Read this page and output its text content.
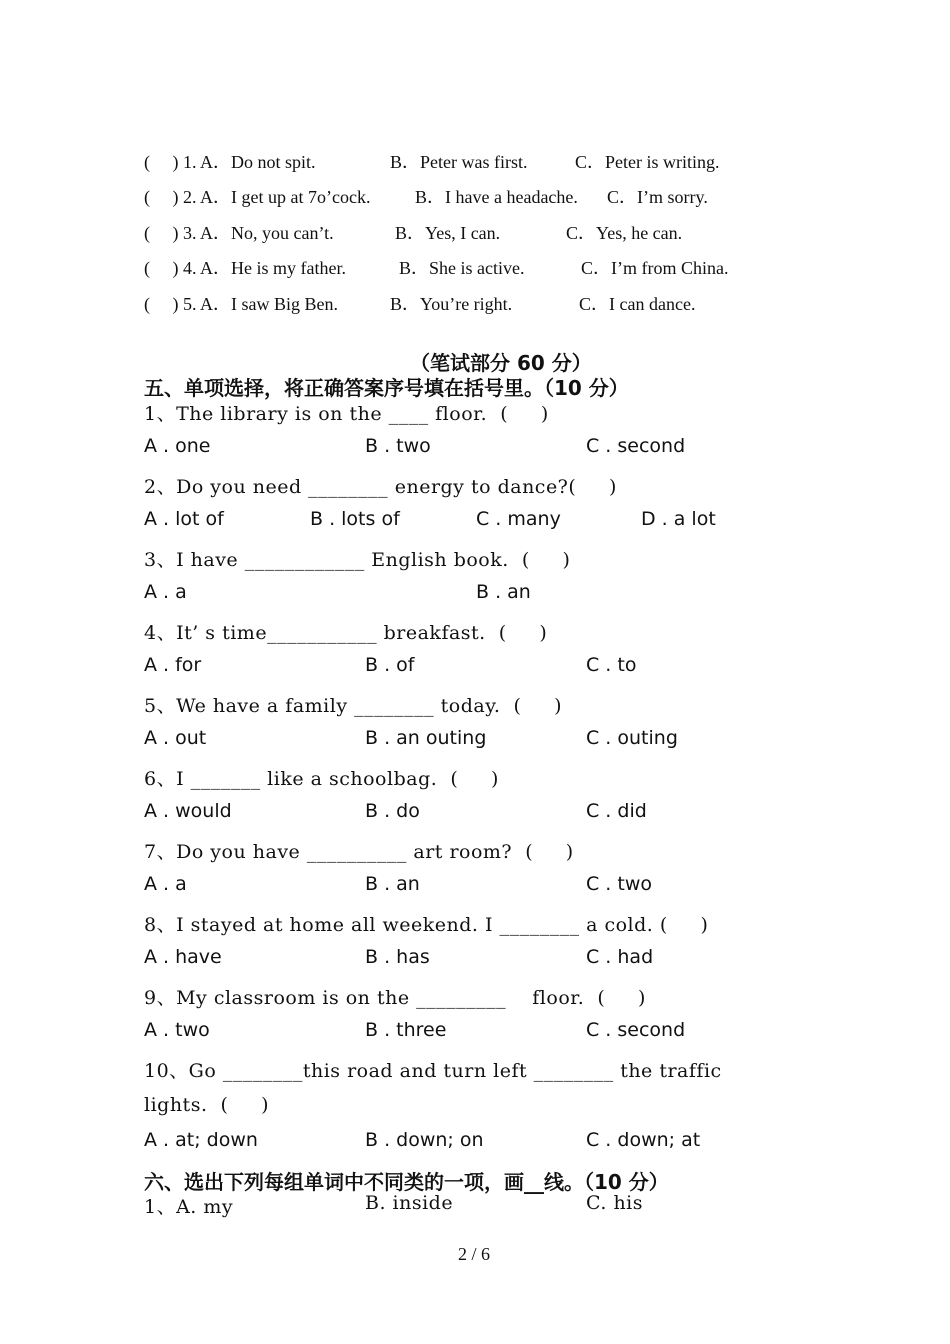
(     ) 1. A．Do not spit.	B．Peter was first.	C．Peter is writing.
(     ) 2. A．I get up at 7o’cock. B．I have a headache. C．I’m sorry.
(     ) 3. A．No, you can’t.	B．Yes, I can.	C．Yes, he can.
(     ) 4. A．He is my father.	B．She is active.	C．I’m from China.
(     ) 5. A．I saw Big Ben.	B．You’re right.	C．I can dance.
（笔试部分 60 分）
五、单项选择，将正确答案序号填在括号里。（10 分）
1、The library is on the ____ floor.  (     )
A . one	B . two	C . second
2、Do you need ________ energy to dance?(     )
A . lot of	B . lots of	C . many	D . a lot
3、I have ____________ English book.  (     )
A . a	B . an
4、It’ s time___________ breakfast.  (     )
A . for	B . of	C . to
5、We have a family ________ today.  (     )
A . out	B . an outing	C . outing
6、I _______ like a schoolbag.  (     )
A . would	B . do	C . did
7、Do you have __________ art room?  (     )
A . a	B . an	C . two
8、I stayed at home all weekend. I ________ a cold. (     )
A . have	B . has	C . had
9、My classroom is on the _________    floor.  (     )
A . two	B . three	C . second
10、Go ________this road and turn left ________ the traffic
lights.  (     )
A . at; down	B . down; on	C . down; at
六、选出下列每组单词中不同类的一项，画__线。（10 分）
1、A. my	B. inside	C. his
2 / 6
